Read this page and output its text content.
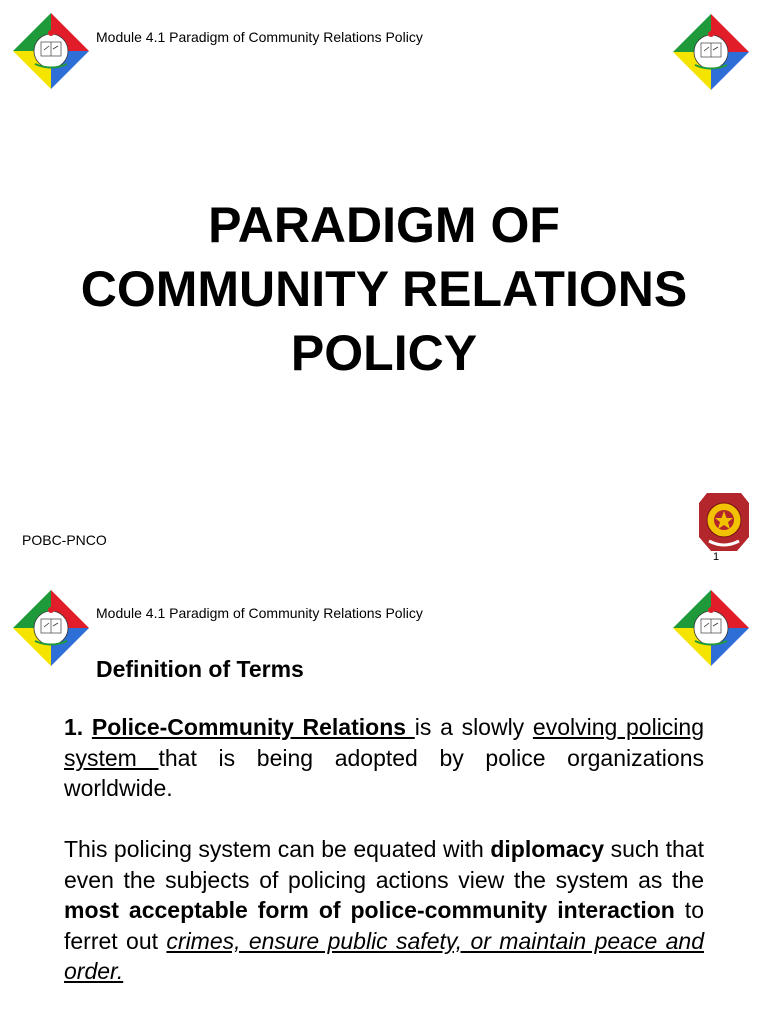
Module 4.1 Paradigm of Community Relations Policy
PARADIGM OF
COMMUNITY RELATIONS
POLICY
POBC-PNCO
1
Module 4.1 Paradigm of Community Relations Policy
Definition of Terms
1. Police-Community Relations is a slowly evolving policing system that is being adopted by police organizations worldwide.
This policing system can be equated with diplomacy such that even the subjects of policing actions view the system as the most acceptable form of police-community interaction to ferret out crimes, ensure public safety, or maintain peace and order.
